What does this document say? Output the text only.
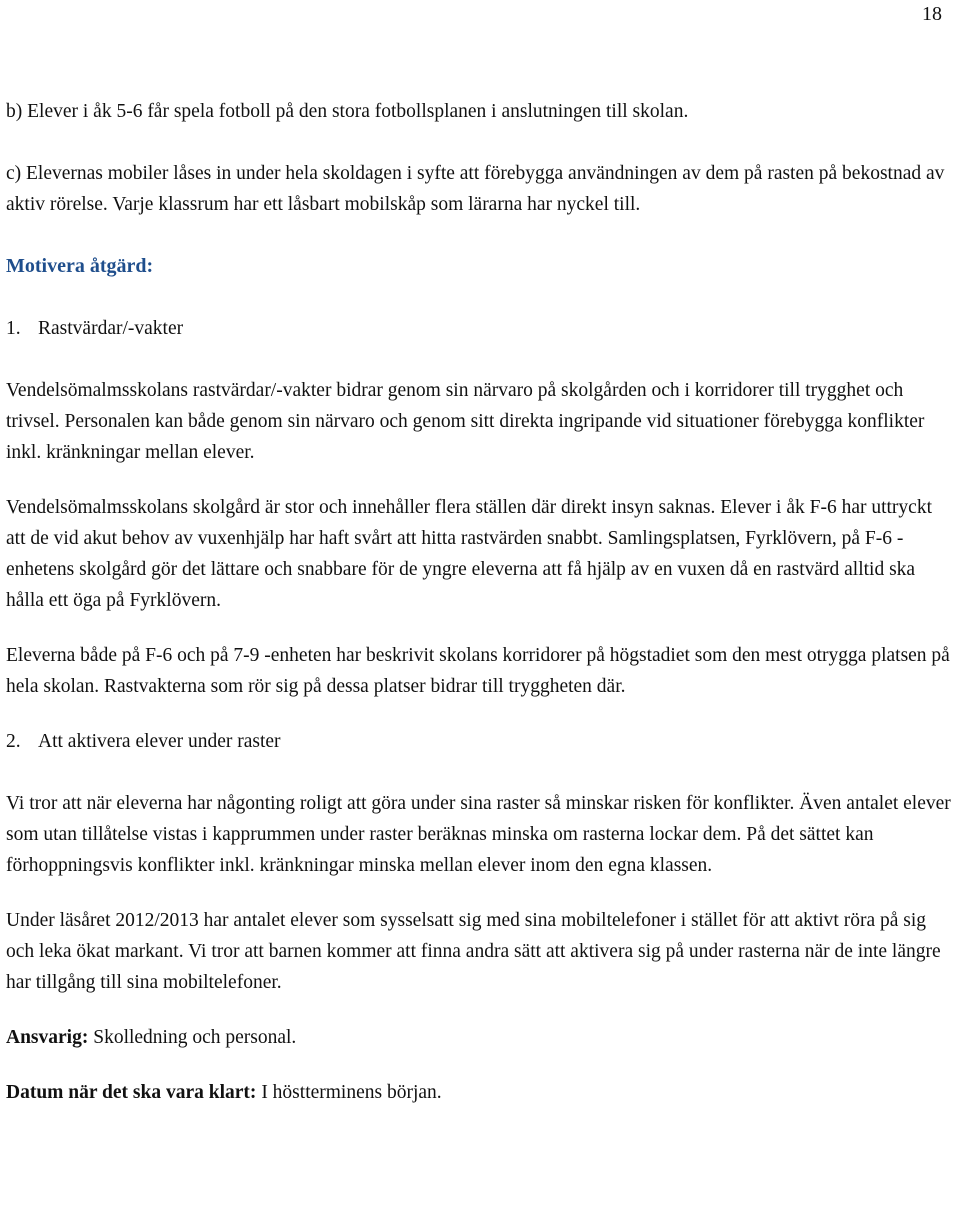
18

b) Elever i åk 5-6 får spela fotboll på den stora fotbollsplanen i anslutningen till skolan.

c) Elevernas mobiler låses in under hela skoldagen i syfte att förebygga användningen av dem på rasten på bekostnad av aktiv rörelse. Varje klassrum har ett låsbart mobilskåp som lärarna har nyckel till.

Motivera åtgärd:

1. Rastvärdar/-vakter

Vendelsömalmsskolans rastvärdar/-vakter bidrar genom sin närvaro på skolgården och i korridorer till trygghet och trivsel. Personalen kan både genom sin närvaro och genom sitt direkta ingripande vid situationer förebygga konflikter inkl. kränkningar mellan elever.

Vendelsömalmsskolans skolgård är stor och innehåller flera ställen där direkt insyn saknas. Elever i åk F-6 har uttryckt att de vid akut behov av vuxenhjälp har haft svårt att hitta rastvärden snabbt. Samlingsplatsen, Fyrklövern, på F-6 -enhetens skolgård gör det lättare och snabbare för de yngre eleverna att få hjälp av en vuxen då en rastvärd alltid ska hålla ett öga på Fyrklövern.

Eleverna både på F-6 och på 7-9 -enheten har beskrivit skolans korridorer på högstadiet som den mest otrygga platsen på hela skolan. Rastvakterna som rör sig på dessa platser bidrar till tryggheten där.

2. Att aktivera elever under raster

Vi tror att när eleverna har någonting roligt att göra under sina raster så minskar risken för konflikter. Även antalet elever som utan tillåtelse vistas i kapprummen under raster beräknas minska om rasterna lockar dem. På det sättet kan förhoppningsvis konflikter inkl. kränkningar minska mellan elever inom den egna klassen.

Under läsåret 2012/2013 har antalet elever som sysselsatt sig med sina mobiltelefoner i stället för att aktivt röra på sig och leka ökat markant. Vi tror att barnen kommer att finna andra sätt att aktivera sig på under rasterna när de inte längre har tillgång till sina mobiltelefoner.

Ansvarig: Skolledning och personal.

Datum när det ska vara klart: I höstterminens början.
